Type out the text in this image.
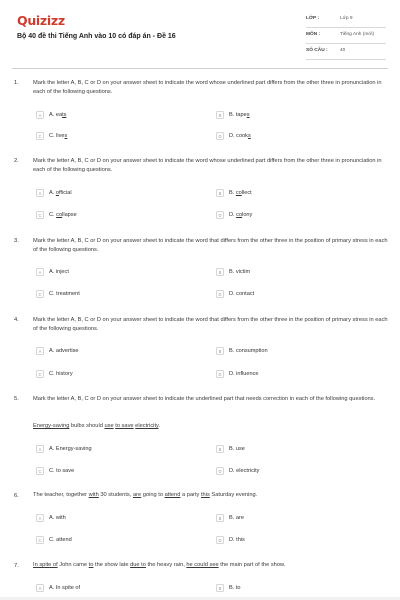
Quizizz
Bộ 40 đề thi Tiếng Anh vào 10 có đáp án - Đề 16
LỚP :	Lớp 9
MÔN :	Tiếng Anh (mới)
SỐ CÂU :	40
1. Mark the letter A, B, C or D on your answer sheet to indicate the word whose underlined part differs from the other three in pronunciation in each of the following questions.
A	A. eats	B	B. tapes
C	C. lives	D	D. cooks
2. Mark the letter A, B, C or D on your answer sheet to indicate the word whose underlined part differs from the other three in pronunciation in each of the following questions.
A	A. official	B	B. collect
C	C. collapse	D	D. colony
3. Mark the letter A, B, C or D on your answer sheet to indicate the word that differs from the other three in the position of primary stress in each of the following questions.
A	A. inject	B	B. victim
C	C. treatment	D	D. contact
4. Mark the letter A, B, C or D on your answer sheet to indicate the word that differs from the other three in the position of primary stress in each of the following questions.
A	A. advertise	B	B. consumption
C	C. history	D	D. influence
5. Mark the letter A, B, C or D on your answer sheet to indicate the underlined part that needs correction in each of the following questions.
Energy-saving bulbs should use to save electricity.
A	A. Energy-saving	B	B. use
C	C. to save	D	D. electricity
6. The teacher, together with 30 students, are going to attend a party this Saturday evening.
A	A. with	B	B. are
C	C. attend	D	D. this
7. In spite of John came to the show late due to the heavy rain, he could see the main part of the show.
A	A. In spite of	B	B. to
